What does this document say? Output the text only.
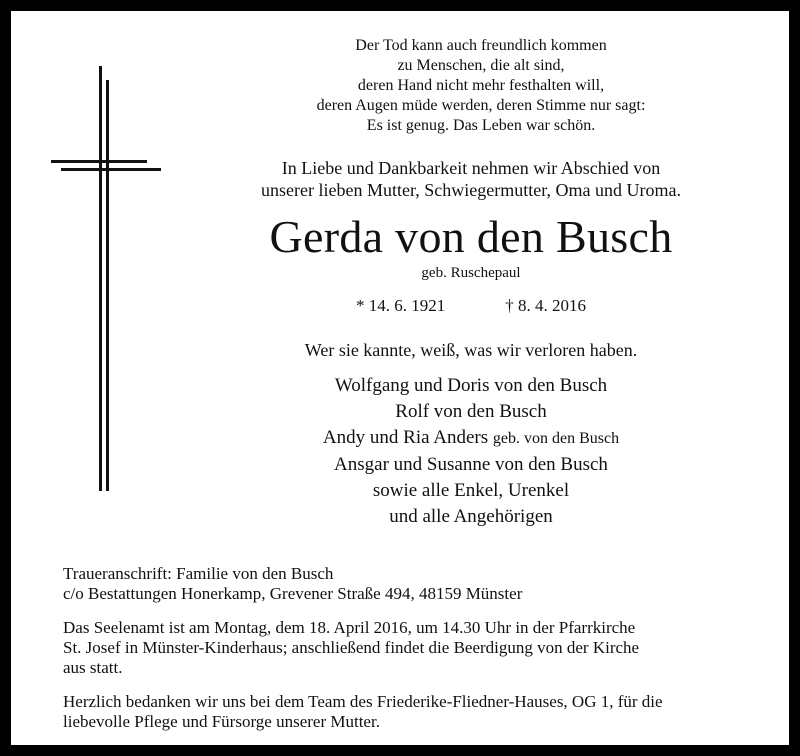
Der Tod kann auch freundlich kommen
zu Menschen, die alt sind,
deren Hand nicht mehr festhalten will,
deren Augen müde werden, deren Stimme nur sagt:
Es ist genug. Das Leben war schön.
In Liebe und Dankbarkeit nehmen wir Abschied von
unserer lieben Mutter, Schwiegermutter, Oma und Uroma.
Gerda von den Busch
geb. Ruschepaul
* 14. 6. 1921	† 8. 4. 2016
Wer sie kannte, weiß, was wir verloren haben.
Wolfgang und Doris von den Busch
Rolf von den Busch
Andy und Ria Anders geb. von den Busch
Ansgar und Susanne von den Busch
sowie alle Enkel, Urenkel
und alle Angehörigen
Traueranschrift: Familie von den Busch
c/o Bestattungen Honerkamp, Grevener Straße 494, 48159 Münster
Das Seelenamt ist am Montag, dem 18. April 2016, um 14.30 Uhr in der Pfarrkirche
St. Josef in Münster-Kinderhaus; anschließend findet die Beerdigung von der Kirche
aus statt.
Herzlich bedanken wir uns bei dem Team des Friederike-Fliedner-Hauses, OG 1, für die
liebevolle Pflege und Fürsorge unserer Mutter.
